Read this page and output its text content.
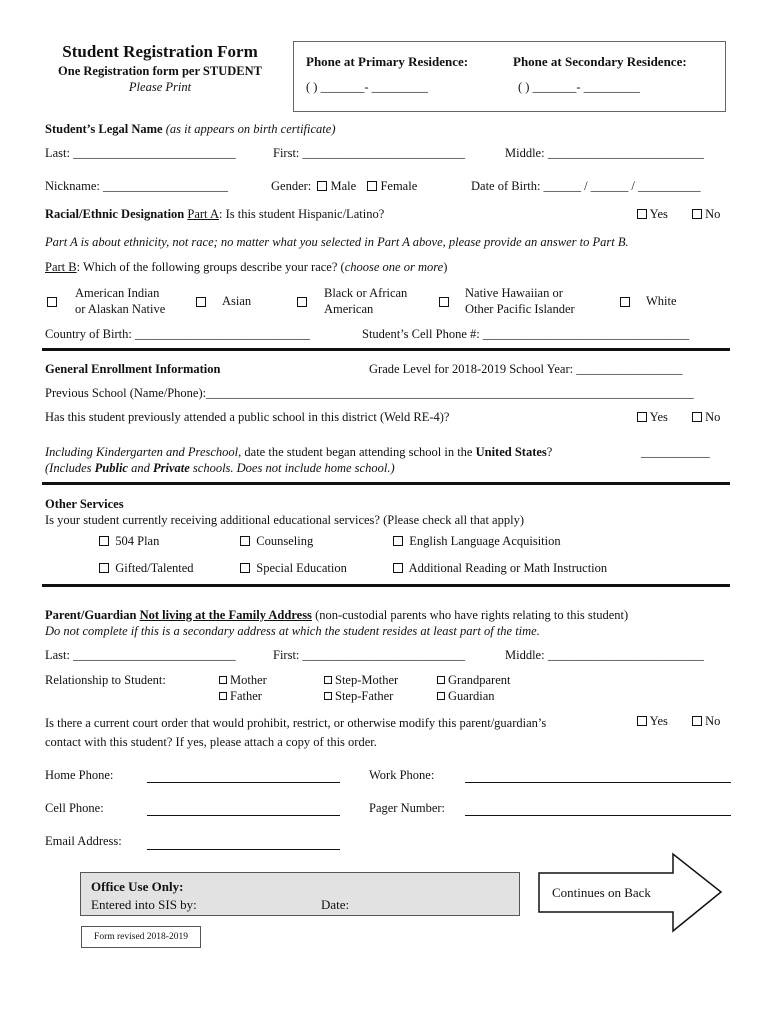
Student Registration Form
One Registration form per STUDENT
Please Print
Phone at Primary Residence:	Phone at Secondary Residence:
( ) _______- _________	( ) _______- _________
Student’s Legal Name (as it appears on birth certificate)
Last: __________________________	First: __________________________	Middle: _________________________
Nickname: ____________________	Gender: Male Female	Date of Birth: ______ / ______ / __________
Racial/Ethnic Designation Part A: Is this student Hispanic/Latino?	Yes	No
Part A is about ethnicity, not race; no matter what you selected in Part A above, please provide an answer to Part B.
Part B: Which of the following groups describe your race? (choose one or more)
American Indian
or Alaskan Native
Asian
Black or African
American
Native Hawaiian or
Other Pacific Islander
White
Country of Birth: ____________________________	Student’s Cell Phone #: _________________________________
General Enrollment Information	Grade Level for 2018-2019 School Year: _________________
Previous School (Name/Phone):______________________________________________________________________________
Has this student previously attended a public school in this district (Weld RE-4)?	Yes	No
Including Kindergarten and Preschool, date the student began attending school in the United States?	___________
(Includes Public and Private schools. Does not include home school.)
Other Services
Is your student currently receiving additional educational services? (Please check all that apply)
504 Plan	Counseling	English Language Acquisition
Gifted/Talented	Special Education	Additional Reading or Math Instruction
Parent/Guardian Not living at the Family Address (non-custodial parents who have rights relating to this student)
Do not complete if this is a secondary address at which the student resides at least part of the time.
Last: __________________________	First: __________________________	Middle: _________________________
Relationship to Student:	Mother
Father
Step-Mother
Step-Father
Grandparent
Guardian
Is there a current court order that would prohibit, restrict, or otherwise modify this parent/guardian’s
contact with this student? If yes, please attach a copy of this order.
Yes	No
Home Phone:	Work Phone:
Cell Phone:	Pager Number:
Email Address:
Office Use Only:
Entered into SIS by:	Date:
Continues on Back
Form revised 2018-2019
